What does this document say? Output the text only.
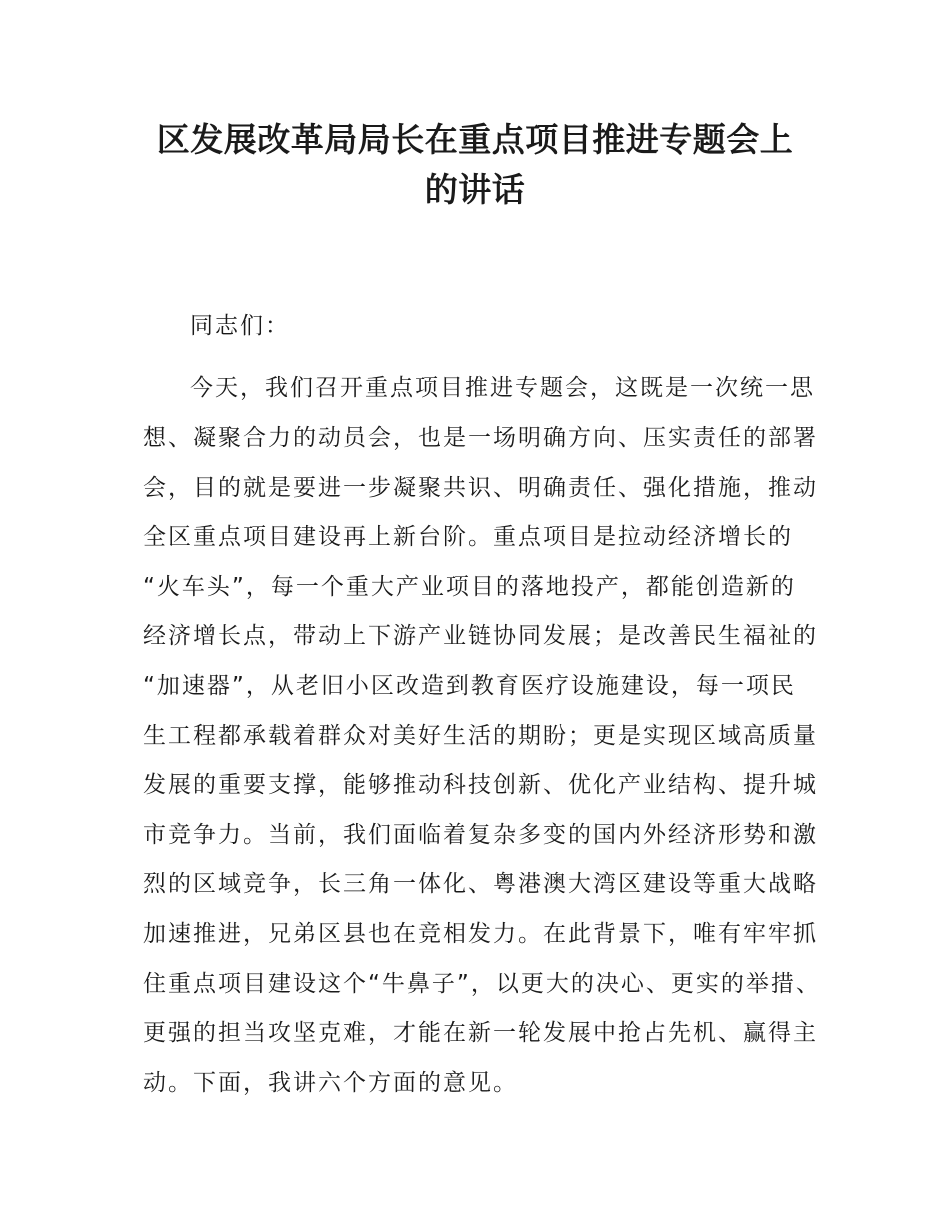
区发展改革局局长在重点项目推进专题会上
的讲话

同志们：

今天，我们召开重点项目推进专题会，这既是一次统一思

想、凝聚合力的动员会，也是一场明确方向、压实责任的部署

会，目的就是要进一步凝聚共识、明确责任、强化措施，推动

全区重点项目建设再上新台阶。重点项目是拉动经济增长的

“火车头”，每一个重大产业项目的落地投产，都能创造新的

经济增长点，带动上下游产业链协同发展；是改善民生福祉的

“加速器”，从老旧小区改造到教育医疗设施建设，每一项民

生工程都承载着群众对美好生活的期盼；更是实现区域高质量

发展的重要支撑，能够推动科技创新、优化产业结构、提升城

市竞争力。当前，我们面临着复杂多变的国内外经济形势和激

烈的区域竞争，长三角一体化、粤港澳大湾区建设等重大战略

加速推进，兄弟区县也在竞相发力。在此背景下，唯有牢牢抓

住重点项目建设这个“牛鼻子”，以更大的决心、更实的举措、

更强的担当攻坚克难，才能在新一轮发展中抢占先机、赢得主

动。下面，我讲六个方面的意见。
